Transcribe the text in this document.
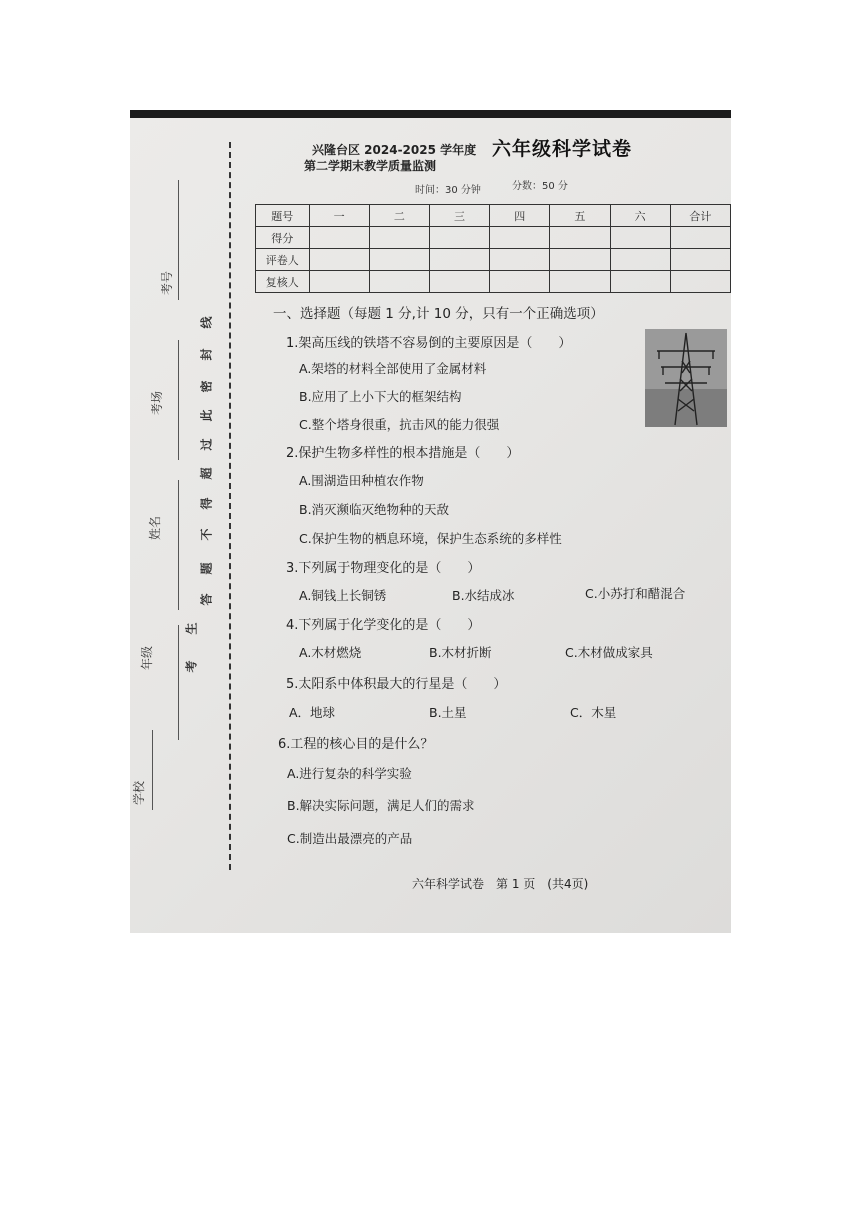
考号
考场
姓名
年级
学校
线
封
密
此
过
超
得
不
题
答
生
考
兴隆台区 2024-2025 学年度
第二学期末教学质量监测
六年级科学试卷
时间：30 分钟	分数：50 分
题号	一	二	三	四	五	六	合计
得分							
评卷人							
复核人							
一、选择题（每题 1 分,计 10 分，只有一个正确选项）
1.架高压线的铁塔不容易倒的主要原因是（　　）
A.架塔的材料全部使用了金属材料
B.应用了上小下大的框架结构
C.整个塔身很重，抗击风的能力很强
2.保护生物多样性的根本措施是（　　）
A.围湖造田种植农作物
B.消灭濒临灭绝物种的天敌
C.保护生物的栖息环境，保护生态系统的多样性
3.下列属于物理变化的是（　　）
A.铜钱上长铜锈	B.水结成冰	C.小苏打和醋混合
4.下列属于化学变化的是（　　）
A.木材燃烧	B.木材折断	C.木材做成家具
5.太阳系中体积最大的行星是（　　）
A．地球	B.土星	C．木星
6.工程的核心目的是什么？
A.进行复杂的科学实验
B.解决实际问题，满足人们的需求
C.制造出最漂亮的产品
六年科学试卷　第 1 页　(共4页)
